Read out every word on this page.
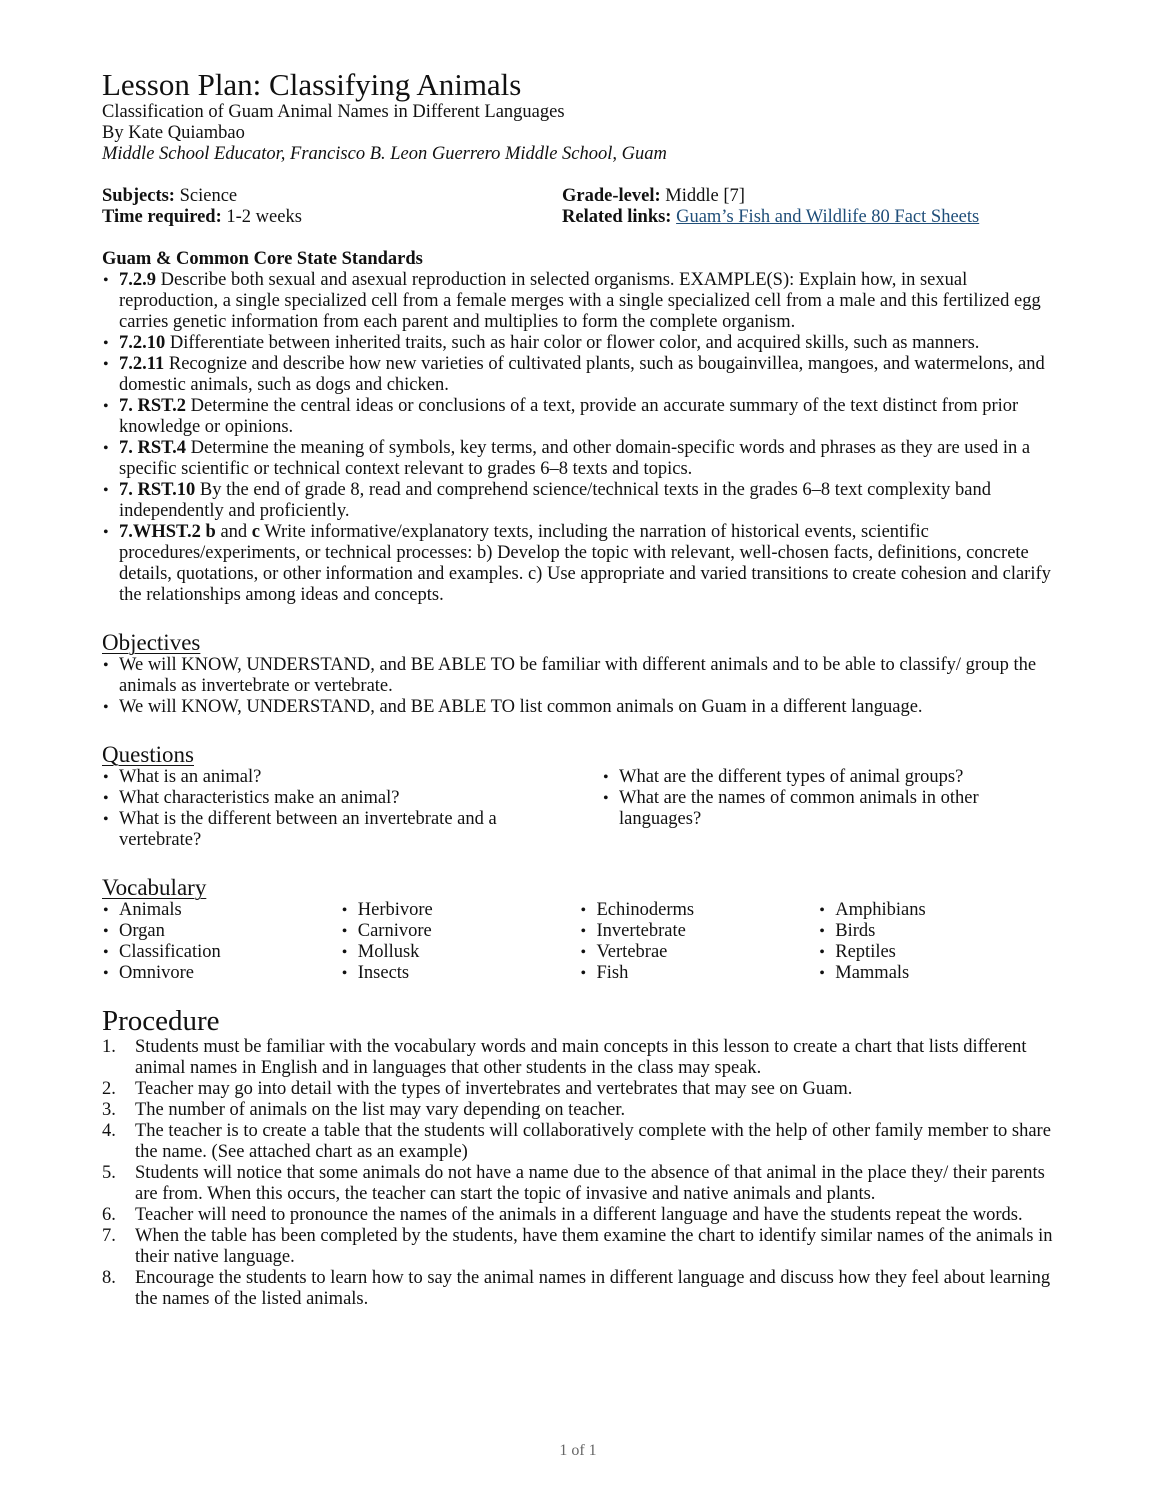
Lesson Plan: Classifying Animals
Classification of Guam Animal Names in Different Languages
By Kate Quiambao
Middle School Educator, Francisco B. Leon Guerrero Middle School, Guam
Subjects: Science
Time required: 1-2 weeks
Grade-level: Middle [7]
Related links: Guam’s Fish and Wildlife 80 Fact Sheets
Guam & Common Core State Standards
• 7.2.9 Describe both sexual and asexual reproduction in selected organisms. EXAMPLE(S): Explain how, in sexual reproduction, a single specialized cell from a female merges with a single specialized cell from a male and this fertilized egg carries genetic information from each parent and multiplies to form the complete organism.
• 7.2.10 Differentiate between inherited traits, such as hair color or flower color, and acquired skills, such as manners.
• 7.2.11 Recognize and describe how new varieties of cultivated plants, such as bougainvillea, mangoes, and watermelons, and domestic animals, such as dogs and chicken.
• 7. RST.2 Determine the central ideas or conclusions of a text, provide an accurate summary of the text distinct from prior knowledge or opinions.
• 7. RST.4 Determine the meaning of symbols, key terms, and other domain-specific words and phrases as they are used in a specific scientific or technical context relevant to grades 6–8 texts and topics.
• 7. RST.10 By the end of grade 8, read and comprehend science/technical texts in the grades 6–8 text complexity band independently and proficiently.
• 7.WHST.2 b and c Write informative/explanatory texts, including the narration of historical events, scientific procedures/experiments, or technical processes: b) Develop the topic with relevant, well-chosen facts, definitions, concrete details, quotations, or other information and examples. c) Use appropriate and varied transitions to create cohesion and clarify the relationships among ideas and concepts.
Objectives
• We will KNOW, UNDERSTAND, and BE ABLE TO be familiar with different animals and to be able to classify/ group the animals as invertebrate or vertebrate.
• We will KNOW, UNDERSTAND, and BE ABLE TO list common animals on Guam in a different language.
Questions
• What is an animal?
• What characteristics make an animal?
• What is the different between an invertebrate and a vertebrate?
• What are the different types of animal groups?
• What are the names of common animals in other languages?
Vocabulary
• Animals
• Organ
• Classification
• Omnivore
• Herbivore
• Carnivore
• Mollusk
• Insects
• Echinoderms
• Invertebrate
• Vertebrae
• Fish
• Amphibians
• Birds
• Reptiles
• Mammals
Procedure
1. Students must be familiar with the vocabulary words and main concepts in this lesson to create a chart that lists different animal names in English and in languages that other students in the class may speak.
2. Teacher may go into detail with the types of invertebrates and vertebrates that may see on Guam.
3. The number of animals on the list may vary depending on teacher.
4. The teacher is to create a table that the students will collaboratively complete with the help of other family member to share the name. (See attached chart as an example)
5. Students will notice that some animals do not have a name due to the absence of that animal in the place they/ their parents are from. When this occurs, the teacher can start the topic of invasive and native animals and plants.
6. Teacher will need to pronounce the names of the animals in a different language and have the students repeat the words.
7. When the table has been completed by the students, have them examine the chart to identify similar names of the animals in their native language.
8. Encourage the students to learn how to say the animal names in different language and discuss how they feel about learning the names of the listed animals.
1 of 1
